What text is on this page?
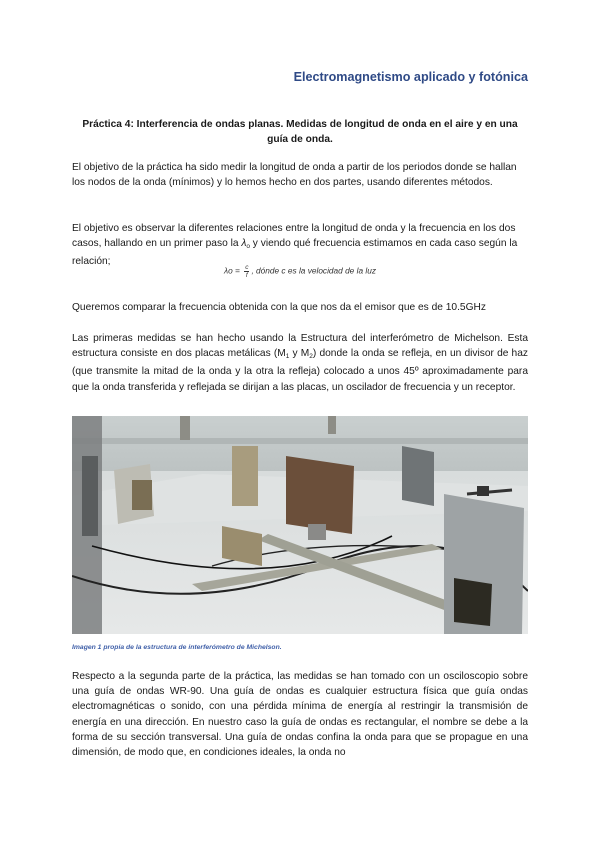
Electromagnetismo aplicado y fotónica
Práctica 4: Interferencia de ondas planas. Medidas de longitud de onda en el aire y en una guía de onda.

El objetivo de la práctica ha sido medir la longitud de onda a partir de los periodos donde se hallan los nodos de la onda (mínimos) y lo hemos hecho en dos partes, usando diferentes métodos.

El objetivo es observar la diferentes relaciones entre la longitud de onda y la frecuencia en los dos casos, hallando en un primer paso la $\lambda_o$ y viendo qué frecuencia estimamos en cada caso según la relación;

$\lambda o = \frac{c}{f}$ , dónde c es la velocidad de la luz

Queremos comparar la frecuencia obtenida con la que nos da el emisor que es de 10.5GHz

Las primeras medidas se han hecho usando la Estructura del interferómetro de Michelson. Esta estructura consiste en dos placas metálicas ($M_1$ y $M_2$) donde la onda se refleja, en un divisor de haz (que transmite la mitad de la onda y la otra la refleja) colocado a unos 45º aproximadamente para que la onda transferida y reflejada se dirijan a las placas, un oscilador de frecuencia y un receptor.

Imagen 1 propia de la estructura de interferómetro de Michelson.

Respecto a la segunda parte de la práctica, las medidas se han tomado con un osciloscopio sobre una guía de ondas WR-90. Una guía de ondas es cualquier estructura física que guía ondas electromagnéticas o sonido, con una pérdida mínima de energía al restringir la transmisión de energía en una dirección. En nuestro caso la guía de ondas es rectangular, el nombre se debe a la forma de su sección transversal. Una guía de ondas confina la onda para que se propague en una dimensión, de modo que, en condiciones ideales, la onda no
